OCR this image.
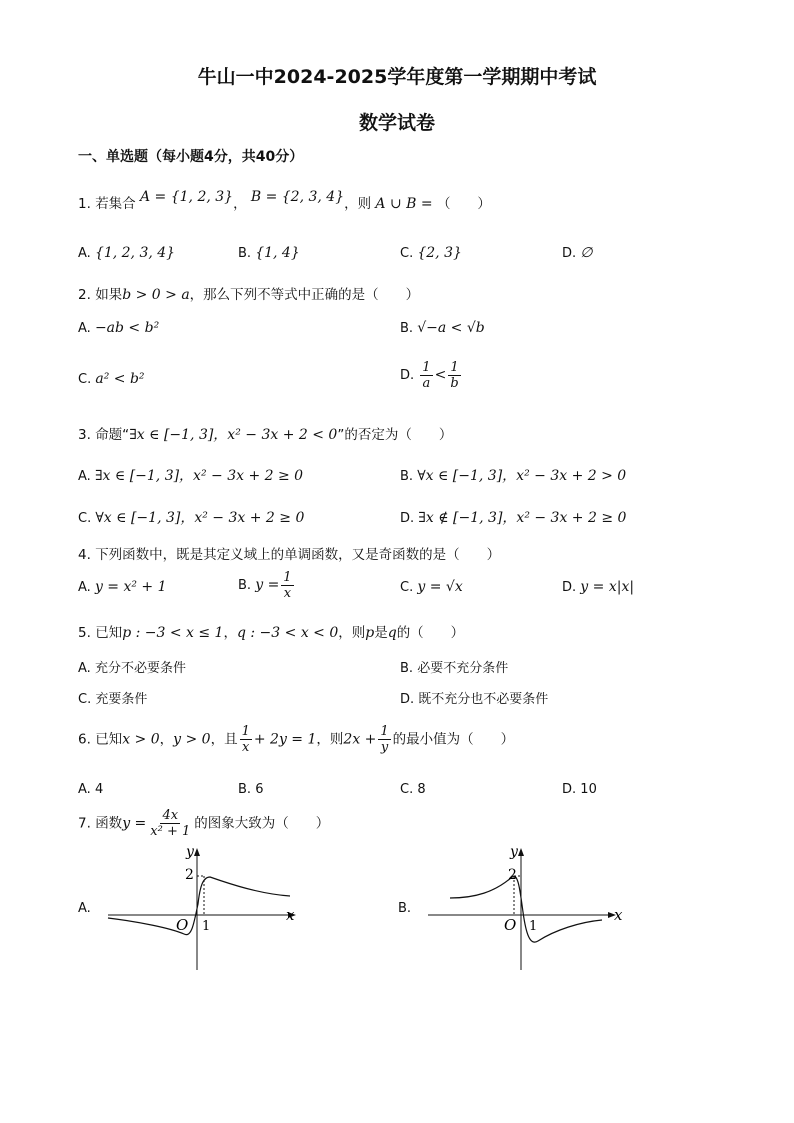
牛山一中2024-2025学年度第一学期期中考试
数学试卷
一、单选题（每小题4分，共40分）
1. 若集合 A = {1, 2, 3}， B = {2, 3, 4}，则 A ∪ B = （　　）
A. {1, 2, 3, 4}	B. {1, 4}	C. {2, 3}	D. ∅
2. 如果b > 0 > a，那么下列不等式中正确的是（　　）
A. −ab < b²	B. √−a < √b
C. a² < b²	D. $\frac{1}{a} < \frac{1}{b}$
3. 命题“∃x ∈ [−1, 3]，x² − 3x + 2 < 0”的否定为（　　）
A. ∃x ∈ [−1, 3]，x² − 3x + 2 ≥ 0	B. ∀x ∈ [−1, 3]，x² − 3x + 2 > 0
C. ∀x ∈ [−1, 3]，x² − 3x + 2 ≥ 0	D. ∃x ∉ [−1, 3]，x² − 3x + 2 ≥ 0
4. 下列函数中，既是其定义域上的单调函数，又是奇函数的是（　　）
A. y = x² + 1	B. $y = \frac{1}{x}$	C. y = √x	D. y = x|x|
5. 已知p : −3 < x ≤ 1，q : −3 < x < 0，则p是q的（　　）
A. 充分不必要条件	B. 必要不充分条件
C. 充要条件	D. 既不充分也不必要条件
6. 已知x > 0，y > 0，且 $\frac{1}{x} + 2y = 1$，则$2x + \frac{1}{y}$ 的最小值为（　　）
A. 4	B. 6	C. 8	D. 10
7. 函数$y = \frac{4x}{\text{x² + 1}}$ 的图象大致为（　　）
A.
y
2
O 1
x	B.
y
2
O 1
x
